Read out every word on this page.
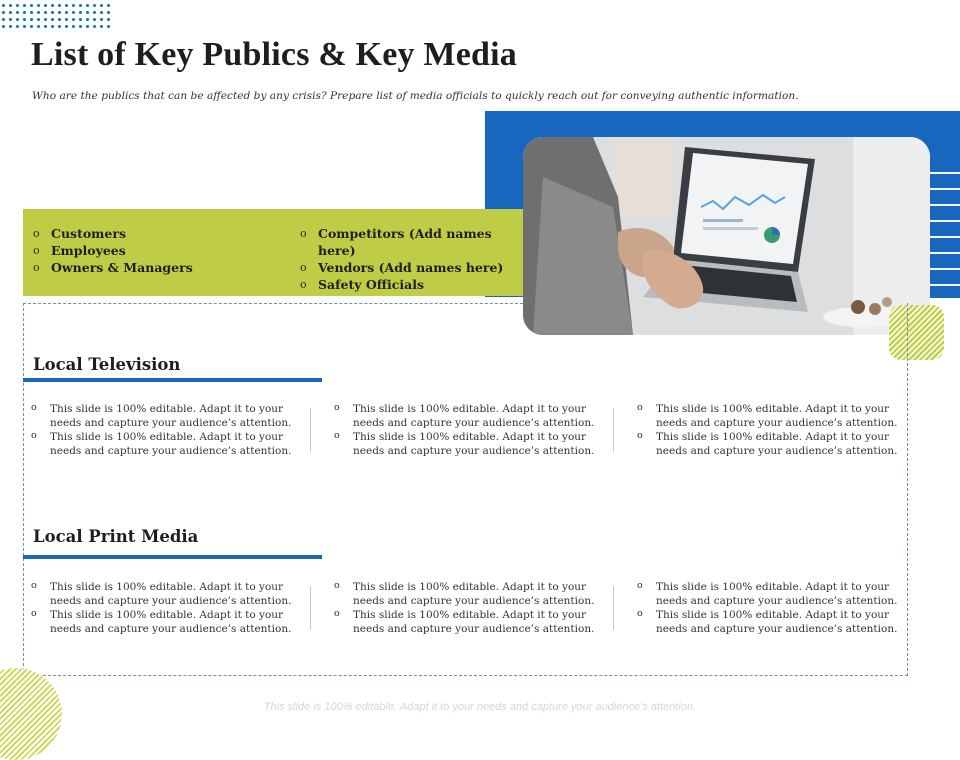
List of Key Publics & Key Media
Who are the publics that can be affected by any crisis? Prepare list of media officials to quickly reach out for conveying authentic information.
o Customers
o Employees
o Owners & Managers
o Competitors (Add names here)
o Vendors (Add names here)
o Safety Officials
Local Television
o This slide is 100% editable. Adapt it to your needs and capture your audience’s attention.
o This slide is 100% editable. Adapt it to your needs and capture your audience’s attention.
o This slide is 100% editable. Adapt it to your needs and capture your audience’s attention.
o This slide is 100% editable. Adapt it to your needs and capture your audience’s attention.
o This slide is 100% editable. Adapt it to your needs and capture your audience’s attention.
o This slide is 100% editable. Adapt it to your needs and capture your audience’s attention.
Local Print Media
o This slide is 100% editable. Adapt it to your needs and capture your audience’s attention.
o This slide is 100% editable. Adapt it to your needs and capture your audience’s attention.
o This slide is 100% editable. Adapt it to your needs and capture your audience’s attention.
o This slide is 100% editable. Adapt it to your needs and capture your audience’s attention.
o This slide is 100% editable. Adapt it to your needs and capture your audience’s attention.
o This slide is 100% editable. Adapt it to your needs and capture your audience’s attention.
This slide is 100% editable. Adapt it to your needs and capture your audience’s attention.
